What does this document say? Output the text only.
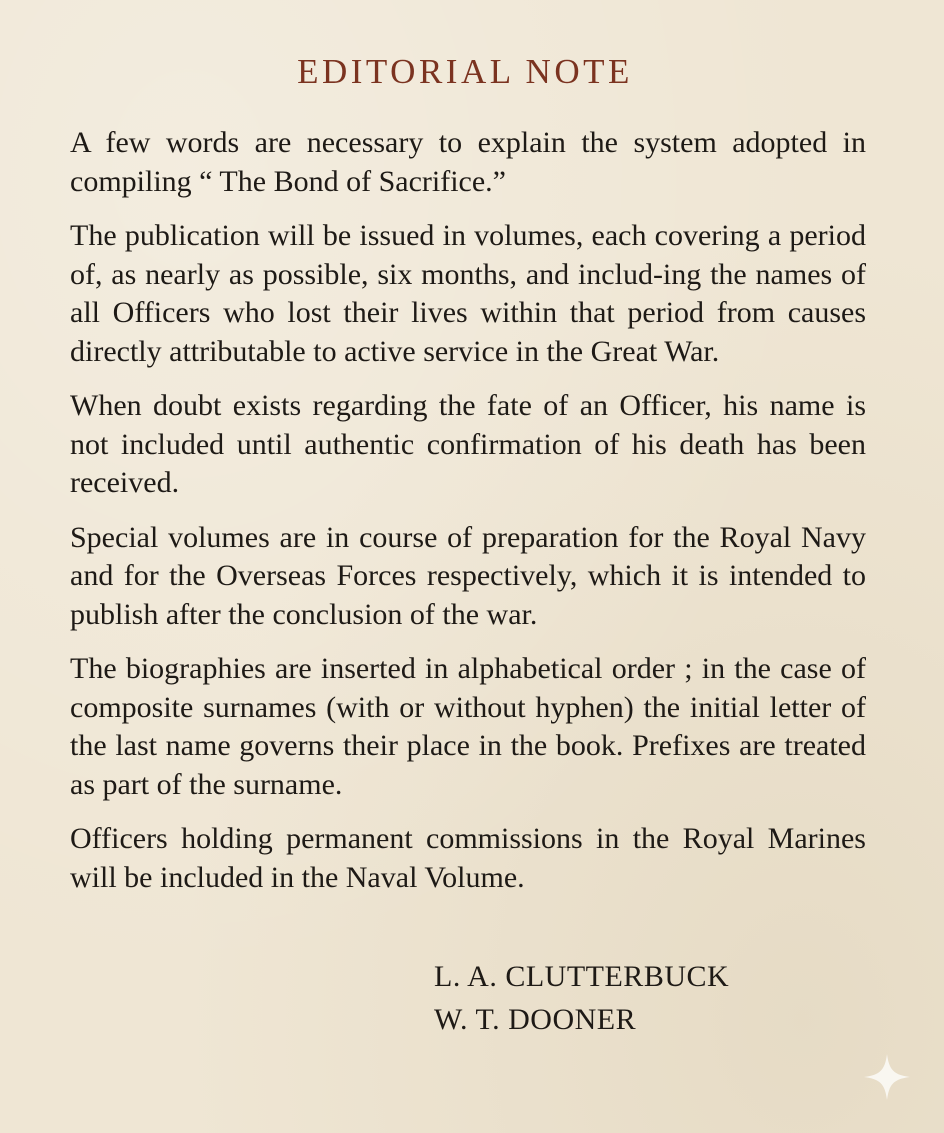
EDITORIAL NOTE

A few words are necessary to explain the system adopted in compiling “ The Bond of Sacrifice.”

The publication will be issued in volumes, each covering a period of, as nearly as possible, six months, and includ-ing the names of all Officers who lost their lives within that period from causes directly attributable to active service in the Great War.

When doubt exists regarding the fate of an Officer, his name is not included until authentic confirmation of his death has been received.

Special volumes are in course of preparation for the Royal Navy and for the Overseas Forces respectively, which it is intended to publish after the conclusion of the war.

The biographies are inserted in alphabetical order ; in the case of composite surnames (with or without hyphen) the initial letter of the last name governs their place in the book. Prefixes are treated as part of the surname.

Officers holding permanent commissions in the Royal Marines will be included in the Naval Volume.

L. A. CLUTTERBUCK
W. T. DOONER
